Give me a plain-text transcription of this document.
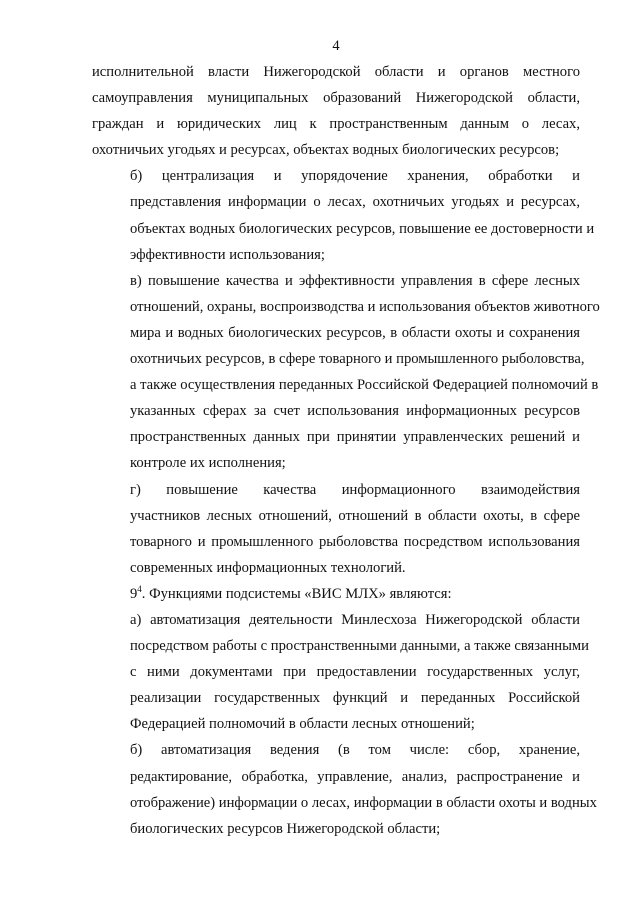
4
исполнительной власти Нижегородской области и органов местного
самоуправления муниципальных образований Нижегородской области,
граждан и юридических лиц к пространственным данным о лесах,
охотничьих угодьях и ресурсах, объектах водных биологических ресурсов;
б) централизация и упорядочение хранения, обработки и
представления информации о лесах, охотничьих угодьях и ресурсах,
объектах водных биологических ресурсов, повышение ее достоверности и
эффективности использования;
в) повышение качества и эффективности управления в сфере лесных
отношений, охраны, воспроизводства и использования объектов животного
мира и водных биологических ресурсов, в области охоты и сохранения
охотничьих ресурсов, в сфере товарного и промышленного рыболовства,
а также осуществления переданных Российской Федерацией полномочий в
указанных сферах за счет использования информационных ресурсов
пространственных данных при принятии управленческих решений и
контроле их исполнения;
г) повышение качества информационного взаимодействия
участников лесных отношений, отношений в области охоты, в сфере
товарного и промышленного рыболовства посредством использования
современных информационных технологий.
$9^4$. Функциями подсистемы «ВИС МЛХ» являются:
а) автоматизация деятельности Минлесхоза Нижегородской области
посредством работы с пространственными данными, а также связанными
с ними документами при предоставлении государственных услуг,
реализации государственных функций и переданных Российской
Федерацией полномочий в области лесных отношений;
б) автоматизация ведения (в том числе: сбор, хранение,
редактирование, обработка, управление, анализ, распространение и
отображение) информации о лесах, информации в области охоты и водных
биологических ресурсов Нижегородской области;
